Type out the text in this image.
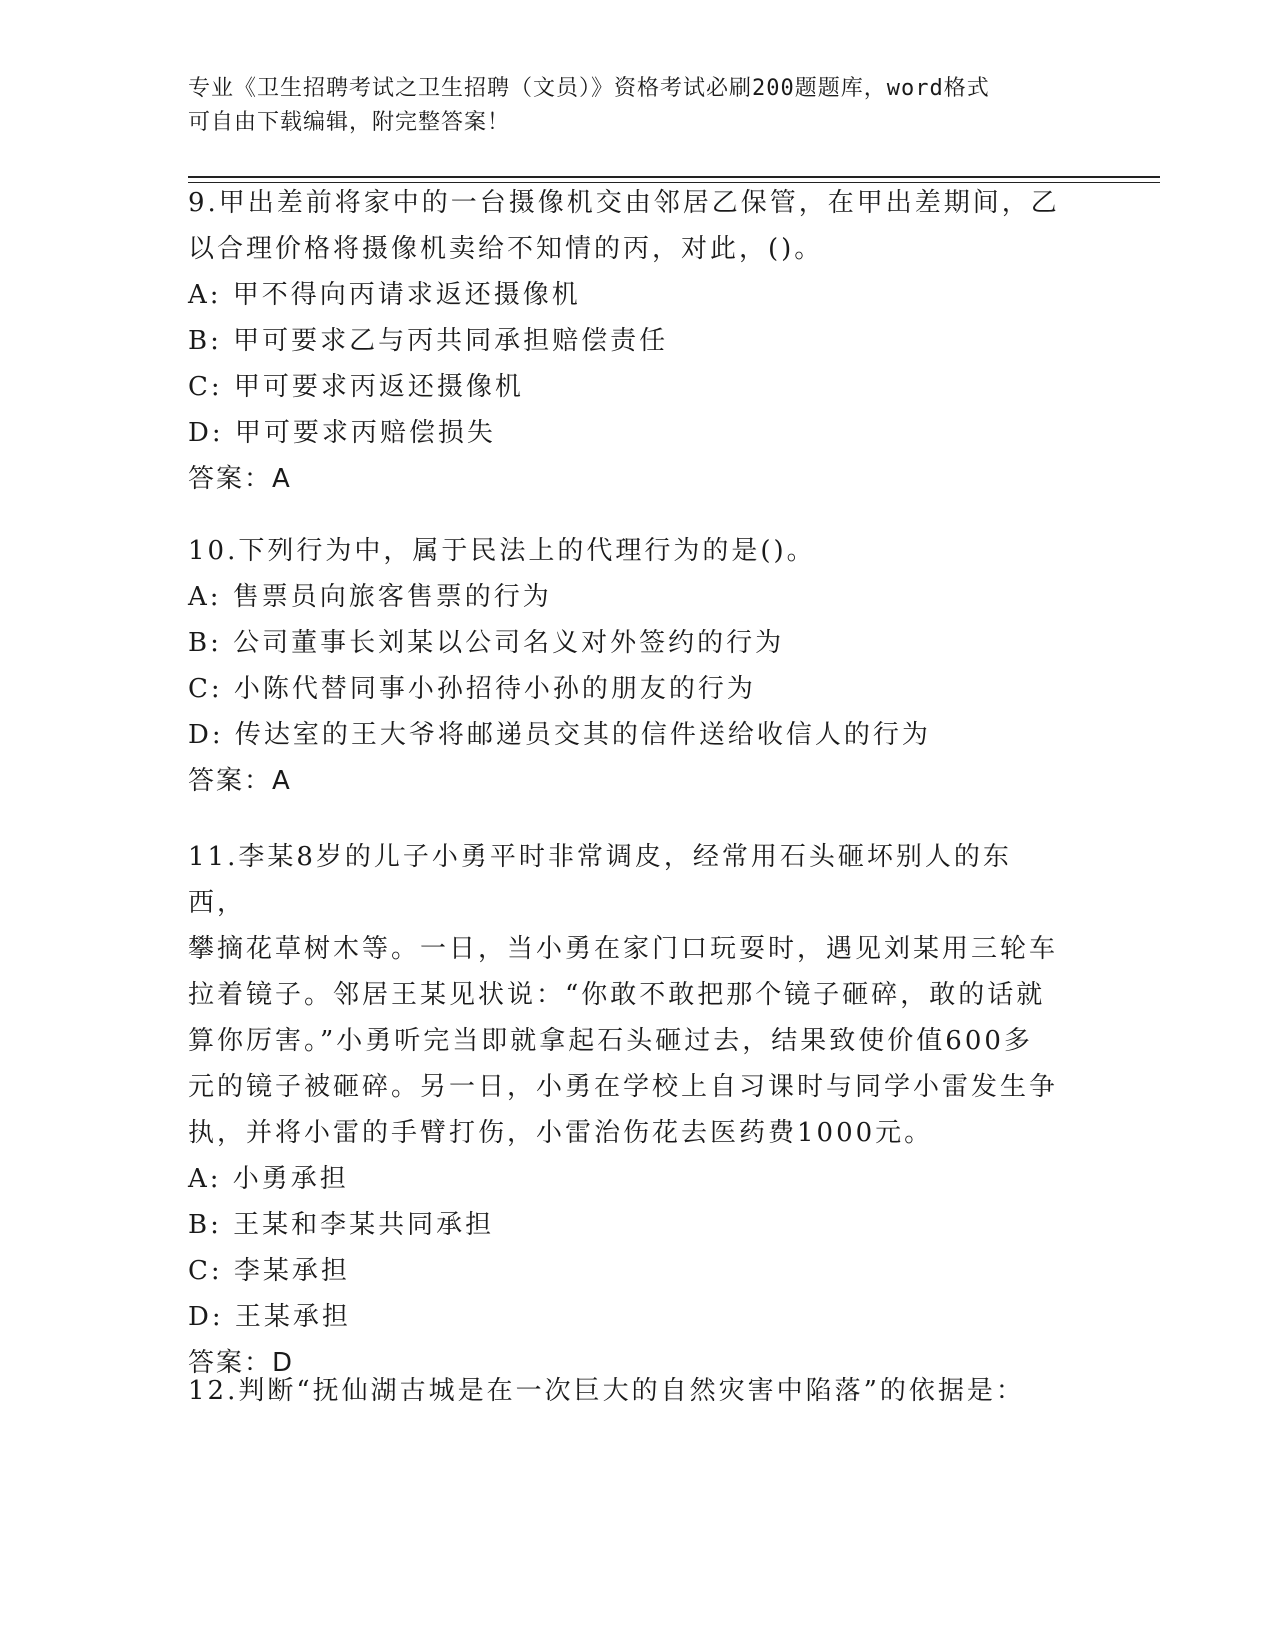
专业《卫生招聘考试之卫生招聘（文员）》资格考试必刷200题题库，word格式
可自由下载编辑，附完整答案！
9.甲出差前将家中的一台摄像机交由邻居乙保管，在甲出差期间，乙
以合理价格将摄像机卖给不知情的丙，对此，()。
A: 甲不得向丙请求返还摄像机
B: 甲可要求乙与丙共同承担赔偿责任
C: 甲可要求丙返还摄像机
D: 甲可要求丙赔偿损失
答案：A
10.下列行为中，属于民法上的代理行为的是()。
A: 售票员向旅客售票的行为
B: 公司董事长刘某以公司名义对外签约的行为
C: 小陈代替同事小孙招待小孙的朋友的行为
D: 传达室的王大爷将邮递员交其的信件送给收信人的行为
答案：A
11.李某8岁的儿子小勇平时非常调皮，经常用石头砸坏别人的东西，
攀摘花草树木等。一日，当小勇在家门口玩耍时，遇见刘某用三轮车
拉着镜子。邻居王某见状说：“你敢不敢把那个镜子砸碎，敢的话就
算你厉害。”小勇听完当即就拿起石头砸过去，结果致使价值600多
元的镜子被砸碎。另一日，小勇在学校上自习课时与同学小雷发生争
执，并将小雷的手臂打伤，小雷治伤花去医药费1000元。
A: 小勇承担
B: 王某和李某共同承担
C: 李某承担
D: 王某承担
答案：D
12.判断“抚仙湖古城是在一次巨大的自然灾害中陷落”的依据是：
